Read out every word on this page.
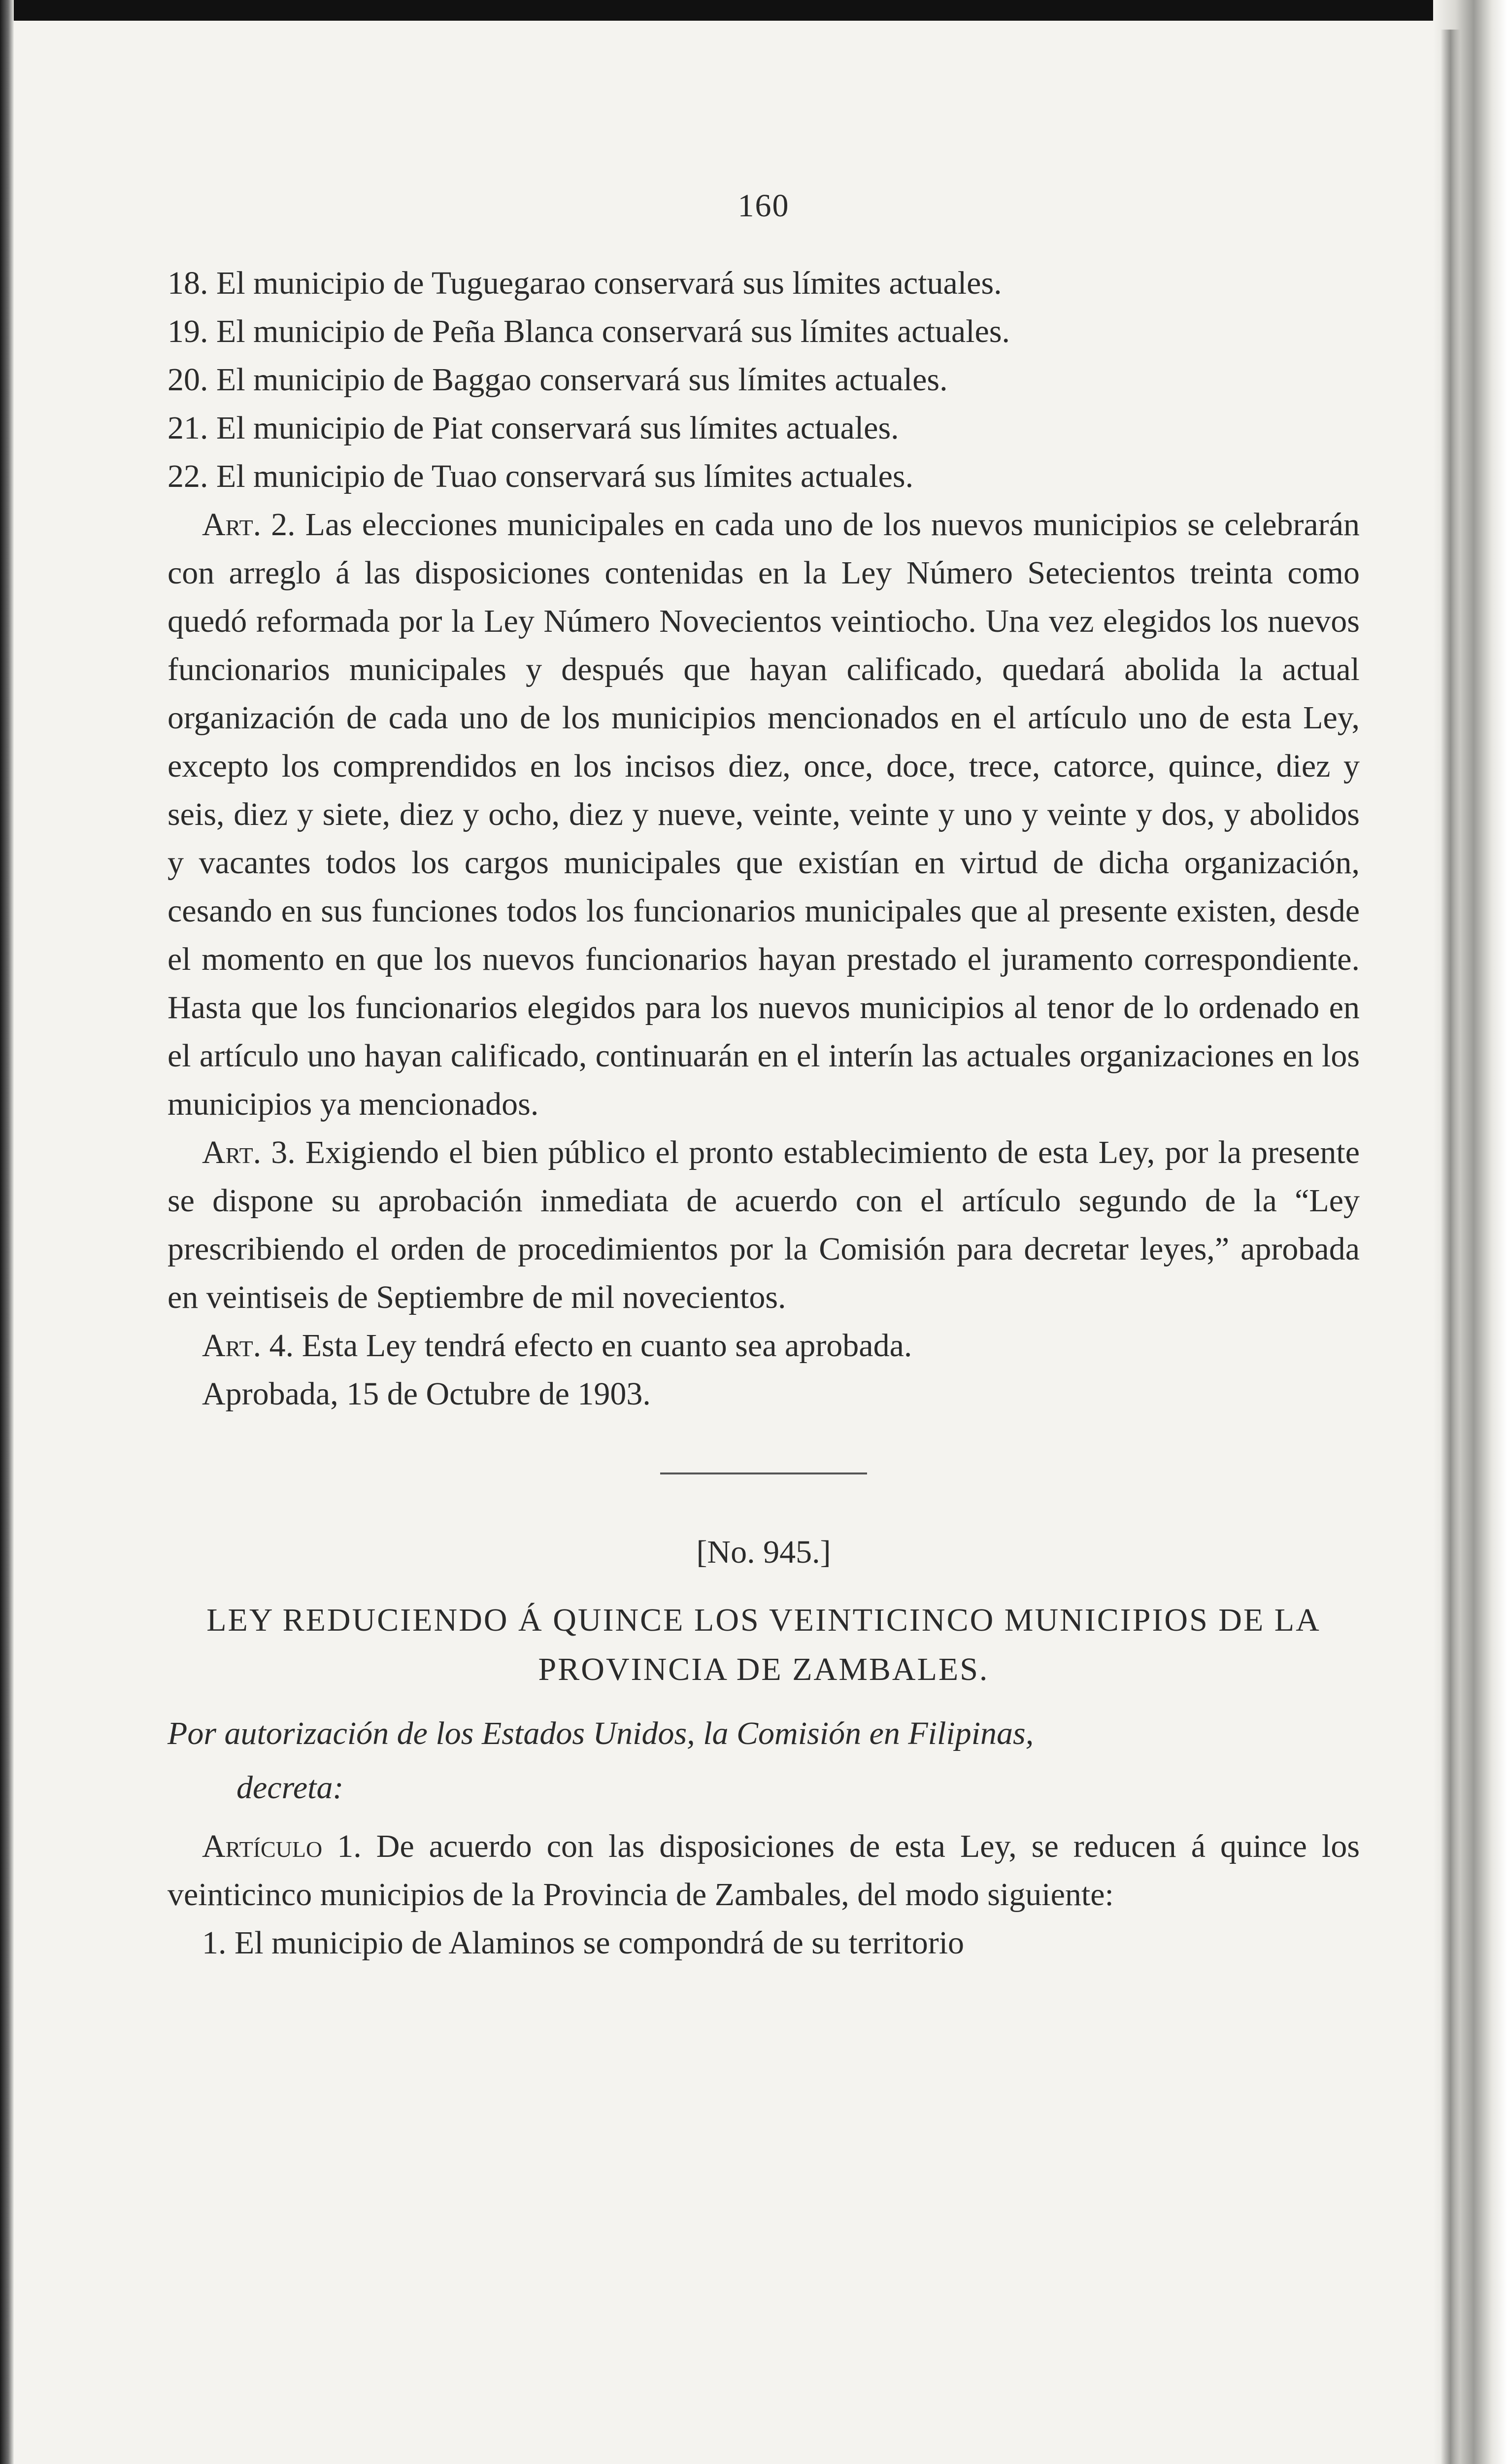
160

18. El municipio de Tuguegarao conservará sus límites actuales.

19. El municipio de Peña Blanca conservará sus límites actuales.

20. El municipio de Baggao conservará sus límites actuales.

21. El municipio de Piat conservará sus límites actuales.

22. El municipio de Tuao conservará sus límites actuales.

Art. 2. Las elecciones municipales en cada uno de los nuevos municipios se celebrarán con arreglo á las disposiciones contenidas en la Ley Número Setecientos treinta como quedó reformada por la Ley Número Novecientos veintiocho. Una vez elegidos los nuevos funcionarios municipales y después que hayan calificado, quedará abolida la actual organización de cada uno de los municipios mencionados en el artículo uno de esta Ley, excepto los comprendidos en los incisos diez, once, doce, trece, catorce, quince, diez y seis, diez y siete, diez y ocho, diez y nueve, veinte, veinte y uno y veinte y dos, y abolidos y vacantes todos los cargos municipales que existían en virtud de dicha organización, cesando en sus funciones todos los funcionarios municipales que al presente existen, desde el momento en que los nuevos funcionarios hayan prestado el juramento correspondiente. Hasta que los funcionarios elegidos para los nuevos municipios al tenor de lo ordenado en el artículo uno hayan calificado, continuarán en el interín las actuales organizaciones en los municipios ya mencionados.

Art. 3. Exigiendo el bien público el pronto establecimiento de esta Ley, por la presente se dispone su aprobación inmediata de acuerdo con el artículo segundo de la “Ley prescribiendo el orden de procedimientos por la Comisión para decretar leyes,” aprobada en veintiseis de Septiembre de mil novecientos.

Art. 4. Esta Ley tendrá efecto en cuanto sea aprobada.

Aprobada, 15 de Octubre de 1903.

[No. 945.]
LEY REDUCIENDO Á QUINCE LOS VEINTICINCO MUNICIPIOS DE LA PROVINCIA DE ZAMBALES.

Por autorización de los Estados Unidos, la Comisión en Filipinas,

decreta:

Artículo 1. De acuerdo con las disposiciones de esta Ley, se reducen á quince los veinticinco municipios de la Provincia de Zambales, del modo siguiente:

1. El municipio de Alaminos se compondrá de su territorio
